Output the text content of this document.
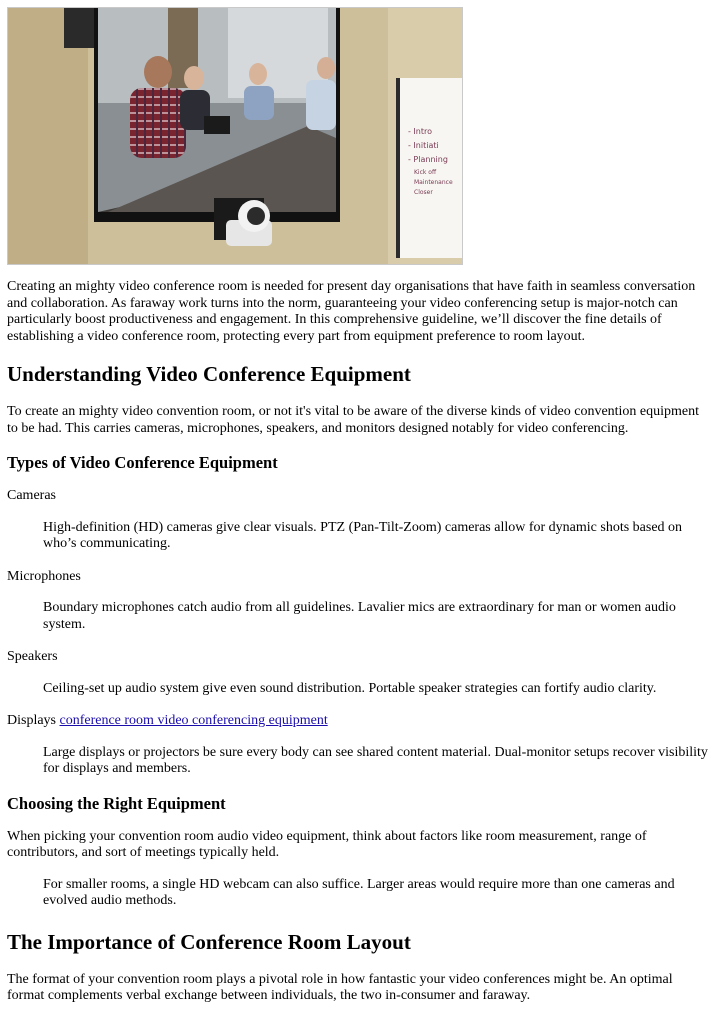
- Intro
- Initiati
- Planning
Kick off
Maintenance
Closer

Creating an mighty video conference room is needed for present day organisations that have faith in seamless conversation and collaboration. As faraway work turns into the norm, guaranteeing your video conferencing setup is major-notch can particularly boost productiveness and engagement. In this comprehensive guideline, we’ll discover the fine details of establishing a video conference room, protecting every part from equipment preference to room layout.

Understanding Video Conference Equipment

To create an mighty video convention room, or not it's vital to be aware of the diverse kinds of video convention equipment to be had. This carries cameras, microphones, speakers, and monitors designed notably for video conferencing.

Types of Video Conference Equipment
Cameras
High-definition (HD) cameras give clear visuals. PTZ (Pan-Tilt-Zoom) cameras allow for dynamic shots based on who’s communicating.
Microphones
Boundary microphones catch audio from all guidelines. Lavalier mics are extraordinary for man or women audio system.
Speakers
Ceiling-set up audio system give even sound distribution. Portable speaker strategies can fortify audio clarity.
Displays conference room video conferencing equipment
Large displays or projectors be sure every body can see shared content material. Dual-monitor setups recover visibility for displays and members.
Choosing the Right Equipment

When picking your convention room audio video equipment, think about factors like room measurement, range of contributors, and sort of meetings typically held.

For smaller rooms, a single HD webcam can also suffice. Larger areas would require more than one cameras and evolved audio methods.

The Importance of Conference Room Layout

The format of your convention room plays a pivotal role in how fantastic your video conferences might be. An optimal format complements verbal exchange between individuals, the two in-consumer and faraway.
